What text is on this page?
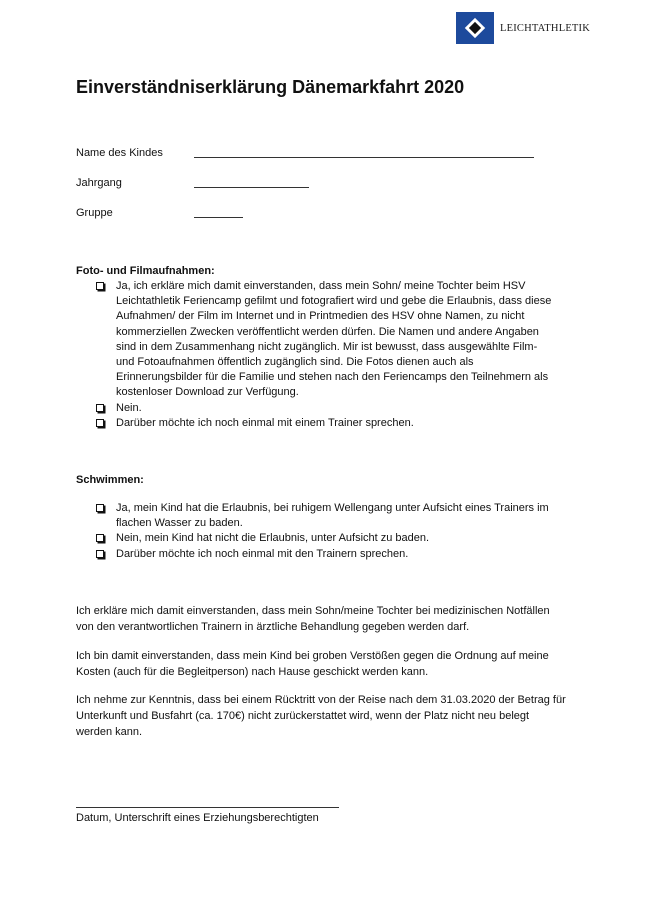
LEICHTATHLETIK
Einverständniserklärung Dänemarkfahrt 2020
Name des Kindes
Jahrgang
Gruppe
Foto- und Filmaufnahmen:
Ja, ich erkläre mich damit einverstanden, dass mein Sohn/ meine Tochter beim HSV Leichtathletik Feriencamp gefilmt und fotografiert wird und gebe die Erlaubnis, dass diese Aufnahmen/ der Film im Internet und in Printmedien des HSV ohne Namen, zu nicht kommerziellen Zwecken veröffentlicht werden dürfen. Die Namen und andere Angaben sind in dem Zusammenhang nicht zugänglich. Mir ist bewusst, dass ausgewählte Film- und Fotoaufnahmen öffentlich zugänglich sind. Die Fotos dienen auch als Erinnerungsbilder für die Familie und stehen nach den Feriencamps den Teilnehmern als kostenloser Download zur Verfügung.
Nein.
Darüber möchte ich noch einmal mit einem Trainer sprechen.
Schwimmen:
Ja, mein Kind hat die Erlaubnis, bei ruhigem Wellengang unter Aufsicht eines Trainers im flachen Wasser zu baden.
Nein, mein Kind hat nicht die Erlaubnis, unter Aufsicht zu baden.
Darüber möchte ich noch einmal mit den Trainern sprechen.

Ich erkläre mich damit einverstanden, dass mein Sohn/meine Tochter bei medizinischen Notfällen von den verantwortlichen Trainern in ärztliche Behandlung gegeben werden darf.

Ich bin damit einverstanden, dass mein Kind bei groben Verstößen gegen die Ordnung auf meine Kosten (auch für die Begleitperson) nach Hause geschickt werden kann.

Ich nehme zur Kenntnis, dass bei einem Rücktritt von der Reise nach dem 31.03.2020 der Betrag für Unterkunft und Busfahrt (ca. 170€) nicht zurückerstattet wird, wenn der Platz nicht neu belegt werden kann.

Datum, Unterschrift eines Erziehungsberechtigten
